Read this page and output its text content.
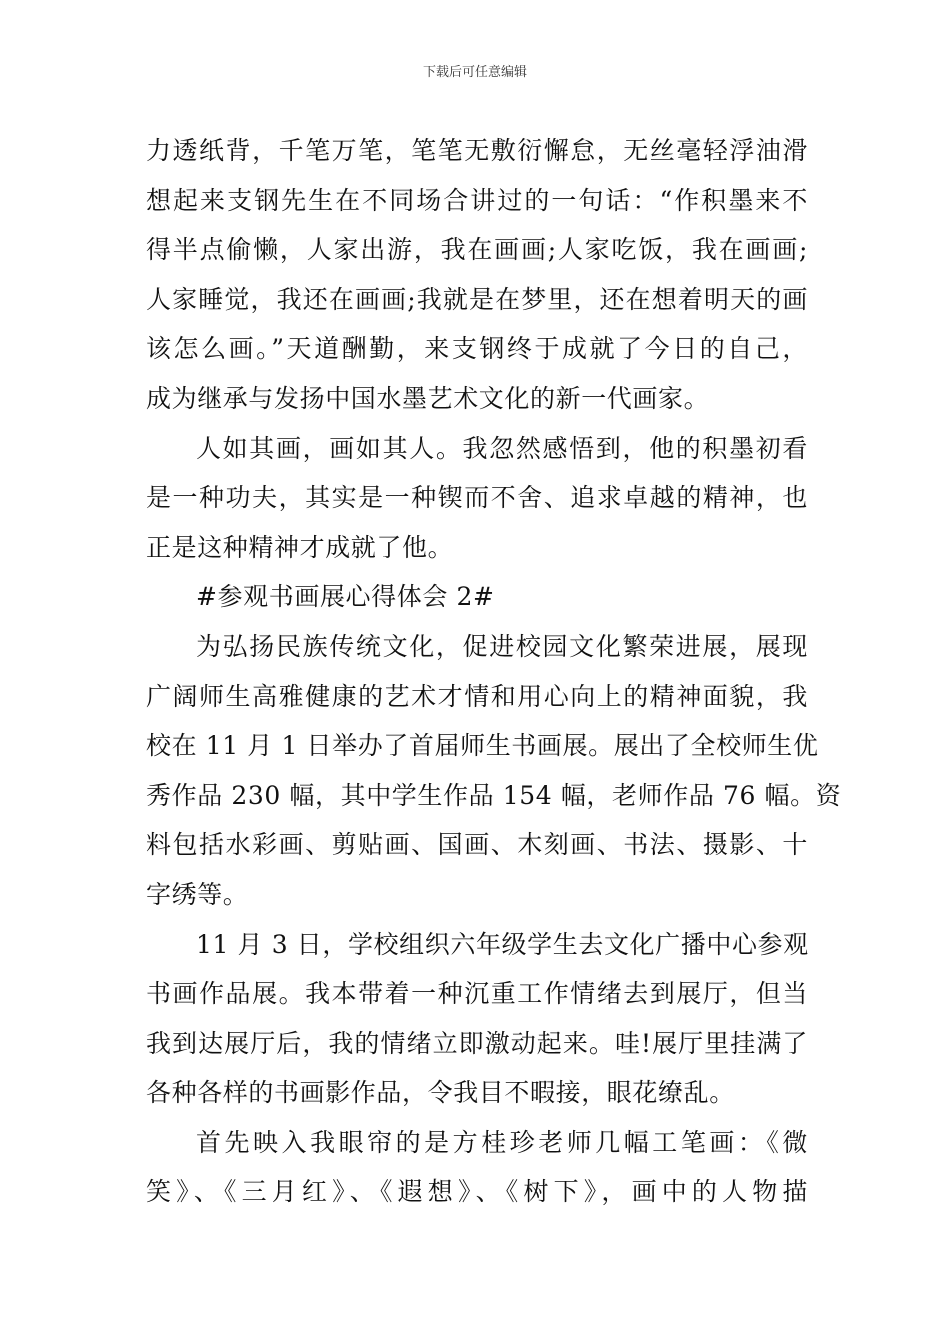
下载后可任意编辑
力透纸背，千笔万笔，笔笔无敷衍懈怠，无丝毫轻浮油滑
想起来支钢先生在不同场合讲过的一句话：“作积墨来不
得半点偷懒，人家出游，我在画画;人家吃饭，我在画画;
人家睡觉，我还在画画;我就是在梦里，还在想着明天的画
该怎么画。”天道酬勤，来支钢终于成就了今日的自己，
成为继承与发扬中国水墨艺术文化的新一代画家。
人如其画，画如其人。我忽然感悟到，他的积墨初看
是一种功夫，其实是一种锲而不舍、追求卓越的精神，也
正是这种精神才成就了他。
#参观书画展心得体会 2#
为弘扬民族传统文化，促进校园文化繁荣进展，展现
广阔师生高雅健康的艺术才情和用心向上的精神面貌，我
校在 11 月 1 日举办了首届师生书画展。展出了全校师生优
秀作品 230 幅，其中学生作品 154 幅，老师作品 76 幅。资
料包括水彩画、剪贴画、国画、木刻画、书法、摄影、十
字绣等。
11 月 3 日，学校组织六年级学生去文化广播中心参观
书画作品展。我本带着一种沉重工作情绪去到展厅，但当
我到达展厅后，我的情绪立即激动起来。哇!展厅里挂满了
各种各样的书画影作品，令我目不暇接，眼花缭乱。
首先映入我眼帘的是方桂珍老师几幅工笔画：《微
笑》、《三月红》、《遐想》、《树下》，画中的人物描
